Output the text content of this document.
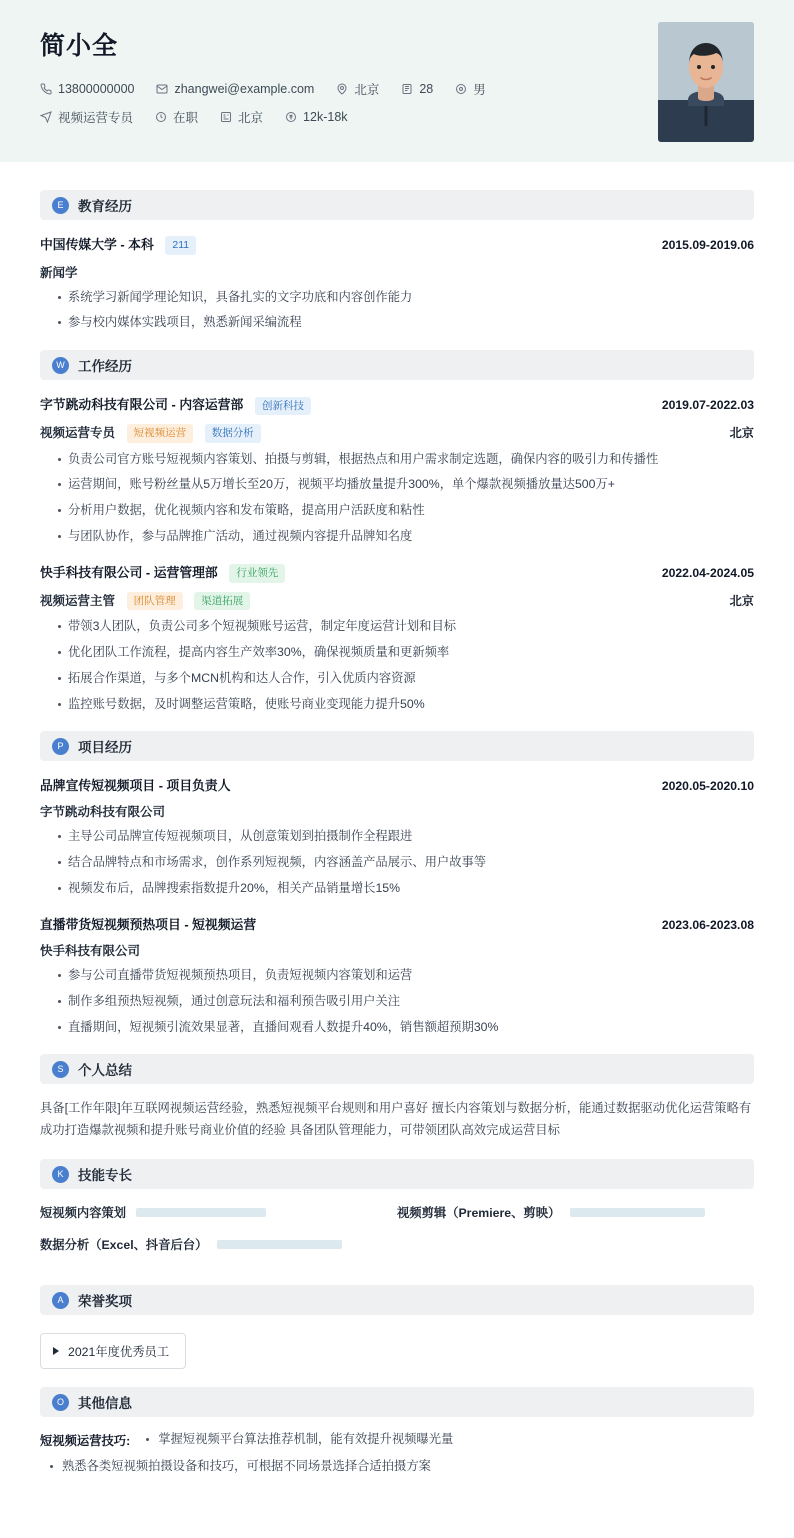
简小全
13800000000	zhangwei@example.com	北京	28	男
视频运营专员	在职	北京	12k-18k
E	教育经历
中国传媒大学 - 本科 211	2015.09-2019.06
新闻学
系统学习新闻学理论知识，具备扎实的文字功底和内容创作能力
参与校内媒体实践项目，熟悉新闻采编流程
W 工作经历
字节跳动科技有限公司 - 内容运营部 创新科技	2019.07-2022.03
视频运营专员 短视频运营 数据分析	北京
负责公司官方账号短视频内容策划、拍摄与剪辑，根据热点和用户需求制定选题，确保内容的吸引力和传播性
运营期间，账号粉丝量从5万增长至20万，视频平均播放量提升300%，单个爆款视频播放量达500万+
分析用户数据，优化视频内容和发布策略，提高用户活跃度和粘性
与团队协作，参与品牌推广活动，通过视频内容提升品牌知名度
快手科技有限公司 - 运营管理部 行业领先	2022.04-2024.05
视频运营主管 团队管理 渠道拓展	北京
带领3人团队，负责公司多个短视频账号运营，制定年度运营计划和目标
优化团队工作流程，提高内容生产效率30%，确保视频质量和更新频率
拓展合作渠道，与多个MCN机构和达人合作，引入优质内容资源
监控账号数据，及时调整运营策略，使账号商业变现能力提升50%
P	项目经历
品牌宣传短视频项目 - 项目负责人	2020.05-2020.10
字节跳动科技有限公司
主导公司品牌宣传短视频项目，从创意策划到拍摄制作全程跟进
结合品牌特点和市场需求，创作系列短视频，内容涵盖产品展示、用户故事等
视频发布后，品牌搜索指数提升20%，相关产品销量增长15%
直播带货短视频预热项目 - 短视频运营	2023.06-2023.08
快手科技有限公司
参与公司直播带货短视频预热项目，负责短视频内容策划和运营
制作多组预热短视频，通过创意玩法和福利预告吸引用户关注
直播期间，短视频引流效果显著，直播间观看人数提升40%，销售额超预期30%
S	个人总结
具备[工作年限]年互联网视频运营经验，熟悉短视频平台规则和用户喜好 擅长内容策划与数据分析，能通过数据驱动优化运营策略有成功打造爆款视频和提升账号商业价值的经验 具备团队管理能力，可带领团队高效完成运营目标
K	技能专长
短视频内容策划	视频剪辑（Premiere、剪映）
数据分析（Excel、抖音后台）
A	荣誉奖项
2021年度优秀员工
O	其他信息
短视频运营技巧:	掌握短视频平台算法推荐机制，能有效提升视频曝光量
熟悉各类短视频拍摄设备和技巧，可根据不同场景选择合适拍摄方案
